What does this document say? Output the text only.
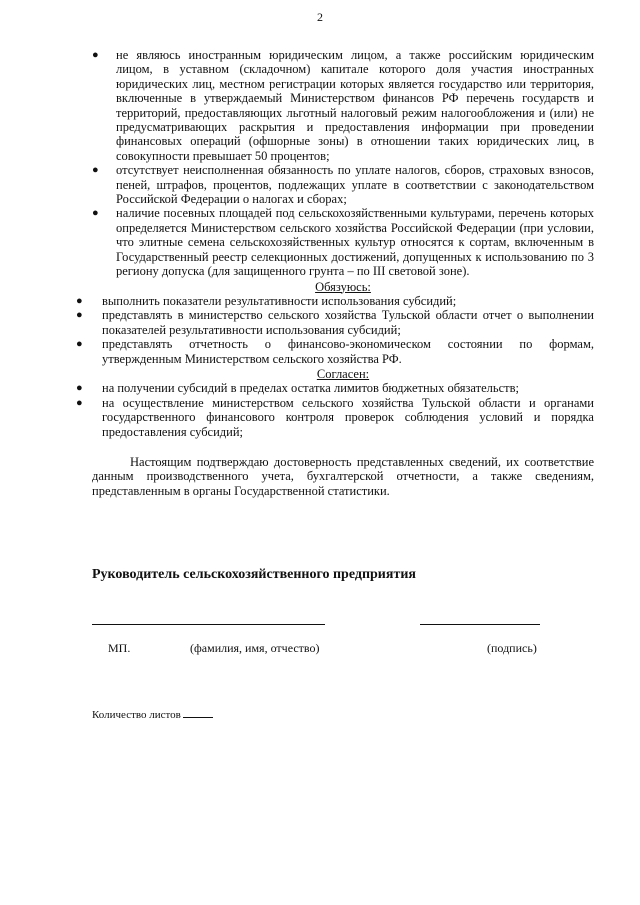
2
● не являюсь иностранным юридическим лицом, а также российским юридическим лицом, в уставном (складочном) капитале которого доля участия иностранных юридических лиц, местном регистрации которых является государство или территория, включенные в утверждаемый Министерством финансов РФ перечень государств и территорий, предоставляющих льготный налоговый режим налогообложения и (или) не предусматривающих раскрытия и предоставления информации при проведении финансовых операций (офшорные зоны) в отношении таких юридических лиц, в совокупности превышает 50 процентов;
● отсутствует неисполненная обязанность по уплате налогов, сборов, страховых взносов, пеней, штрафов, процентов, подлежащих уплате в соответствии с законодательством Российской Федерации о налогах и сборах;
● наличие посевных площадей под сельскохозяйственными культурами, перечень которых определяется Министерством сельского хозяйства Российской Федерации (при условии, что элитные семена сельскохозяйственных культур относятся к сортам, включенным в Государственный реестр селекционных достижений, допущенных к использованию по 3 региону допуска (для защищенного грунта – по III световой зоне).
Обязуюсь:
● выполнить показатели результативности использования субсидий;
● представлять в министерство сельского хозяйства Тульской области отчет о выполнении показателей результативности использования субсидий;
● представлять отчетность о финансово-экономическом состоянии по формам, утвержденным Министерством сельского хозяйства РФ.
Согласен:
● на получении субсидий в пределах остатка лимитов бюджетных обязательств;
● на осуществление министерством сельского хозяйства Тульской области и органами государственного финансового контроля проверок соблюдения условий и порядка предоставления субсидий;
Настоящим подтверждаю достоверность представленных сведений, их соответствие данным производственного учета, бухгалтерской отчетности, а также сведениям, представленным в органы Государственной статистики.
Руководитель сельскохозяйственного предприятия
МП.	(фамилия, имя, отчество)	(подпись)
Количество листов
